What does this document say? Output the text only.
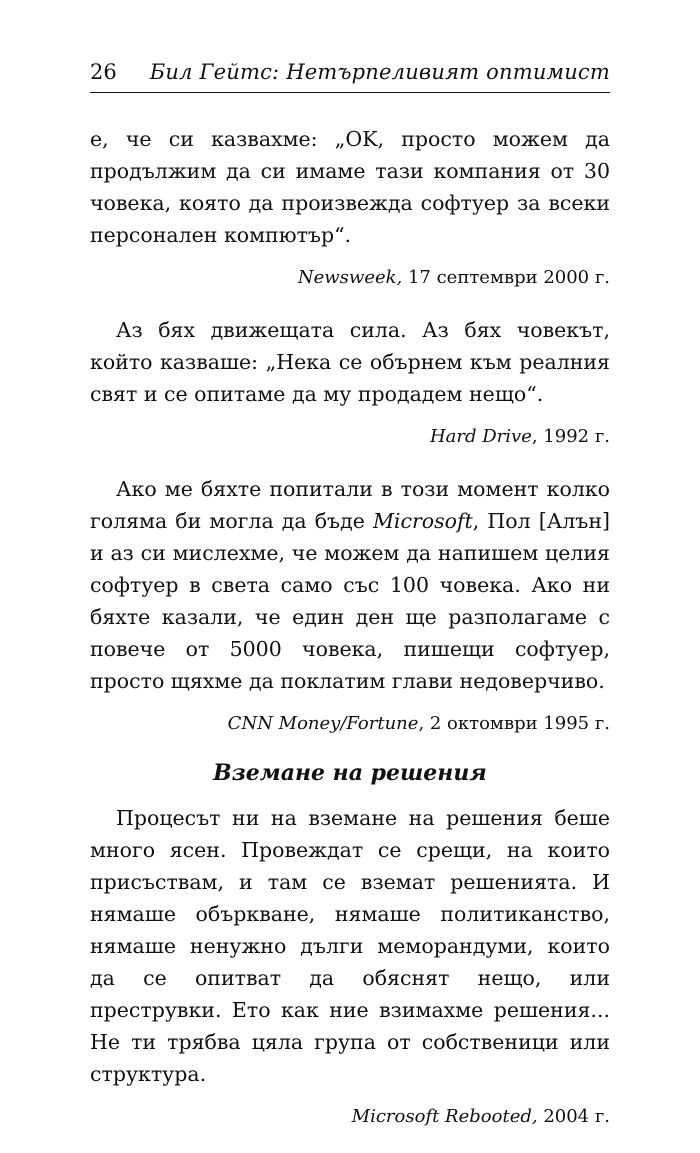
26 Бил Гейтс: Нетърпеливият оптимист

е, че си казвахме: „OK, просто можем да продължим да си имаме тази компания от 30 човека, която да произвежда софтуер за всеки персонален компютър“.

Newsweek, 17 септември 2000 г.

Аз бях движещата сила. Аз бях човекът, който казваше: „Нека се обърнем към реалния свят и се опитаме да му продадем нещо“.

Hard Drive, 1992 г.

Ако ме бяхте попитали в този момент колко голяма би могла да бъде Microsoft, Пол [Алън] и аз си мислехме, че можем да напишем целия софтуер в света само със 100 човека. Ако ни бяхте казали, че един ден ще разполагаме с повече от 5000 човека, пишещи софтуер, просто щяхме да поклатим глави недоверчиво.

CNN Money/Fortune, 2 октомври 1995 г.
Вземане на решения

Процесът ни на вземане на решения беше много ясен. Провеждат се срещи, на които присъствам, и там се вземат решенията. И нямаше объркване, нямаше политиканство, нямаше ненужно дълги меморандуми, които да се опитват да обяснят нещо, или преструвки. Ето как ние взимахме решения... Не ти трябва цяла група от собственици или структура.

Microsoft Rebooted, 2004 г.
